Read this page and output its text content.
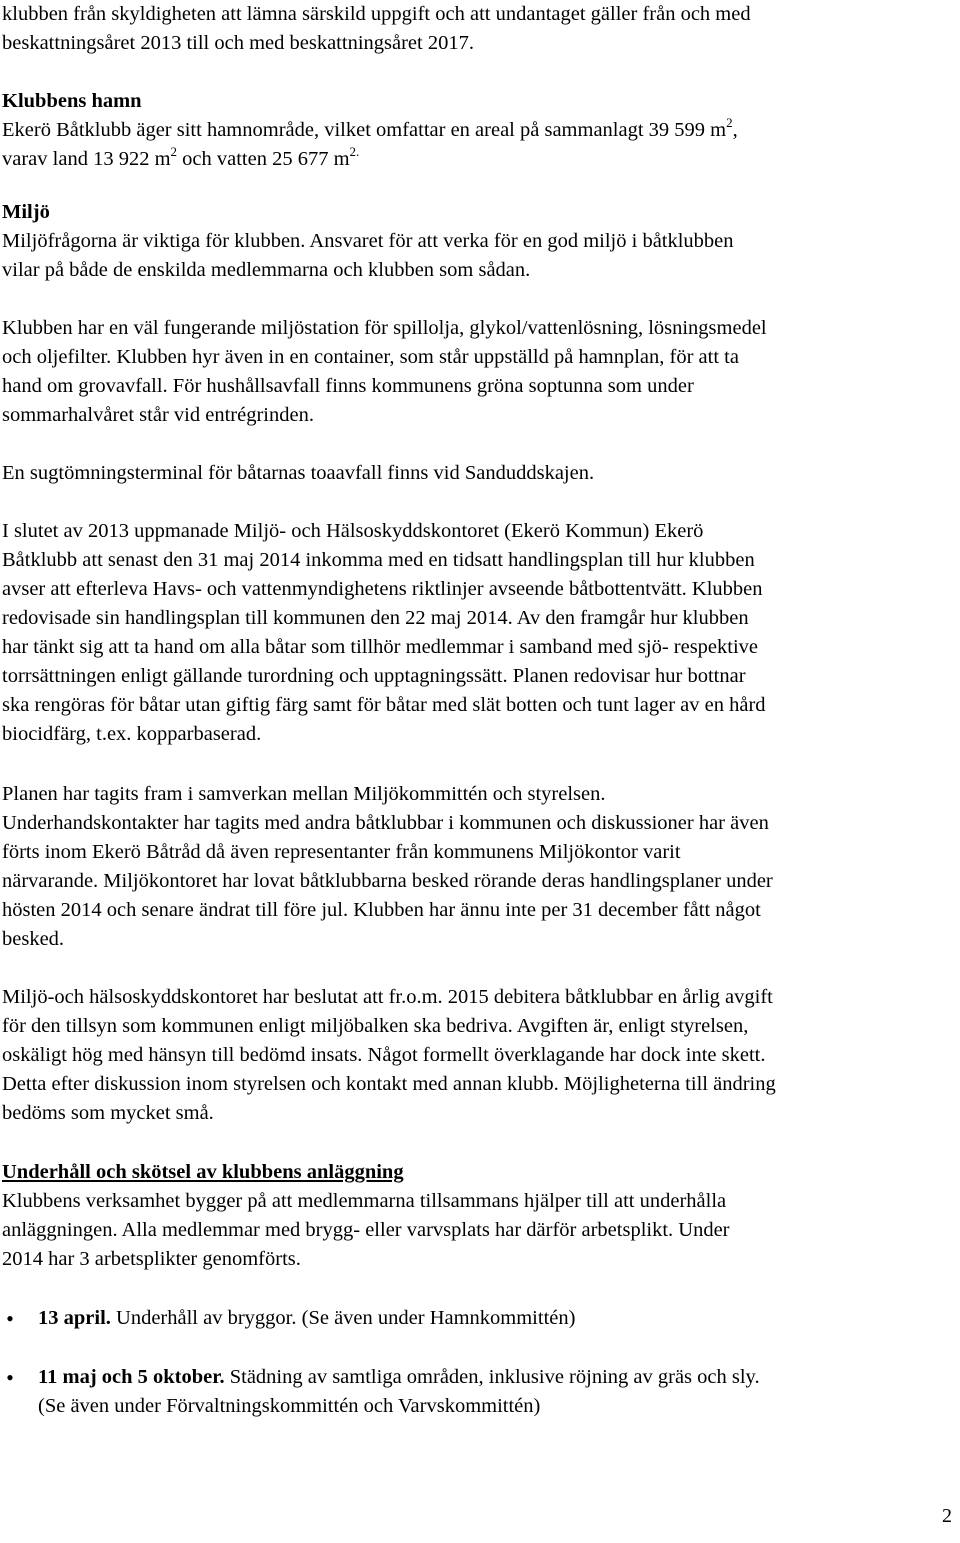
klubben från skyldigheten att lämna särskild uppgift och att undantaget gäller från och med
beskattningsåret 2013 till och med beskattningsåret 2017.

Klubbens hamn
Ekerö Båtklubb äger sitt hamnområde, vilket omfattar en areal på sammanlagt 39 599 $m^2$,
varav land 13 922 $m^2$ och vatten 25 677 $m^{2.}$

Miljö
Miljöfrågorna är viktiga för klubben. Ansvaret för att verka för en god miljö i båtklubben
vilar på både de enskilda medlemmarna och klubben som sådan.

Klubben har en väl fungerande miljöstation för spillolja, glykol/vattenlösning, lösningsmedel
och oljefilter. Klubben hyr även in en container, som står uppställd på hamnplan, för att ta
hand om grovavfall. För hushållsavfall finns kommunens gröna soptunna som under
sommarhalvåret står vid entrégrinden.

En sugtömningsterminal för båtarnas toaavfall finns vid Sanduddskajen.

I slutet av 2013 uppmanade Miljö- och Hälsoskyddskontoret (Ekerö Kommun) Ekerö
Båtklubb att senast den 31 maj 2014 inkomma med en tidsatt handlingsplan till hur klubben
avser att efterleva Havs- och vattenmyndighetens riktlinjer avseende båtbottentvätt. Klubben
redovisade sin handlingsplan till kommunen den 22 maj 2014. Av den framgår hur klubben
har tänkt sig att ta hand om alla båtar som tillhör medlemmar i samband med sjö- respektive
torrsättningen enligt gällande turordning och upptagningssätt. Planen redovisar hur bottnar
ska rengöras för båtar utan giftig färg samt för båtar med slät botten och tunt lager av en hård
biocidfärg, t.ex. kopparbaserad.

Planen har tagits fram i samverkan mellan Miljökommittén och styrelsen.
Underhandskontakter har tagits med andra båtklubbar i kommunen och diskussioner har även
förts inom Ekerö Båtråd då även representanter från kommunens Miljökontor varit
närvarande. Miljökontoret har lovat båtklubbarna besked rörande deras handlingsplaner under
hösten 2014 och senare ändrat till före jul. Klubben har ännu inte per 31 december fått något
besked.

Miljö-och hälsoskyddskontoret har beslutat att fr.o.m. 2015 debitera båtklubbar en årlig avgift
för den tillsyn som kommunen enligt miljöbalken ska bedriva. Avgiften är, enligt styrelsen,
oskäligt hög med hänsyn till bedömd insats. Något formellt överklagande har dock inte skett.
Detta efter diskussion inom styrelsen och kontakt med annan klubb. Möjligheterna till ändring
bedöms som mycket små.

Underhåll och skötsel av klubbens anläggning
Klubbens verksamhet bygger på att medlemmarna tillsammans hjälper till att underhålla
anläggningen. Alla medlemmar med brygg- eller varvsplats har därför arbetsplikt. Under
2014 har 3 arbetsplikter genomförts.

• 13 april. Underhåll av bryggor. (Se även under Hamnkommittén)
• 11 maj och 5 oktober. Städning av samtliga områden, inklusive röjning av gräs och sly.
(Se även under Förvaltningskommittén och Varvskommittén)
2
